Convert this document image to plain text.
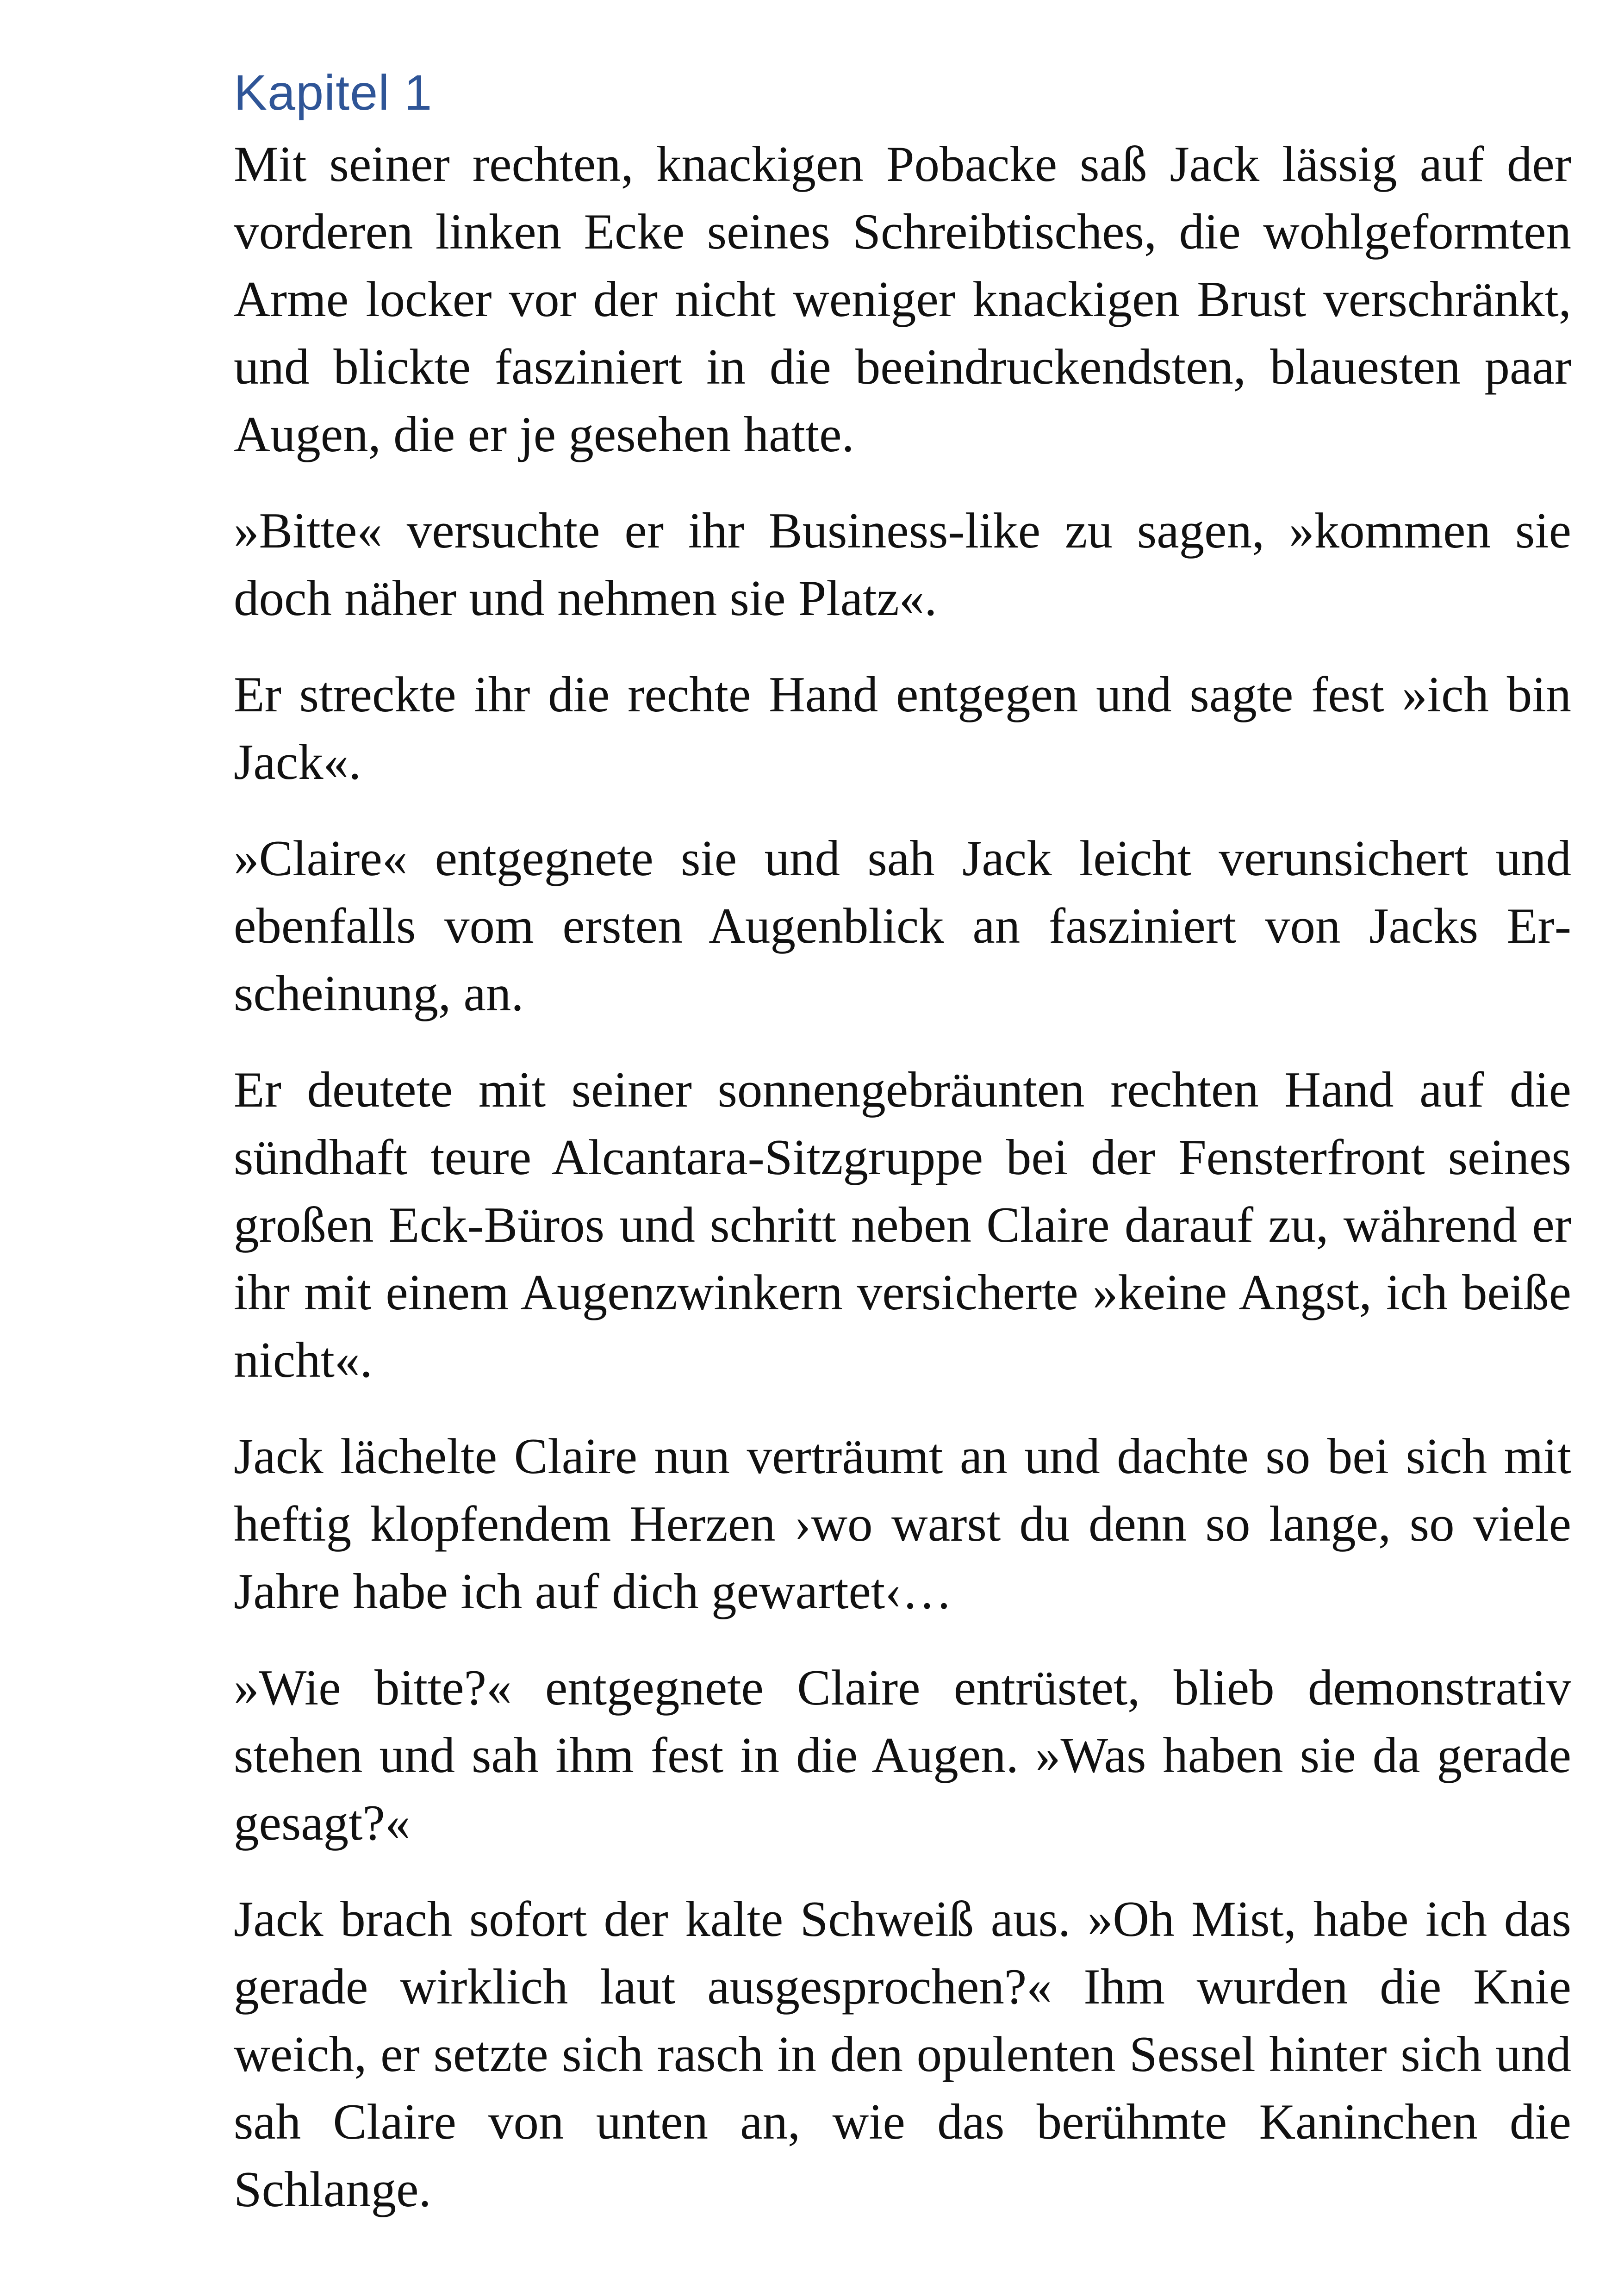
Kapitel 1

Mit seiner rechten, knackigen Pobacke saß Jack lässig auf der vorderen linken Ecke seines Schreibtisches, die wohlgeformten Arme locker vor der nicht weniger knackigen Brust verschränkt, und blickte fasziniert in die beeindruckendsten, blauesten paar Augen, die er je gesehen hatte.

»Bitte« versuchte er ihr Business-like zu sagen, »kommen sie doch näher und nehmen sie Platz«.

Er streckte ihr die rechte Hand entgegen und sagte fest »ich bin Jack«.

»Claire« entgegnete sie und sah Jack leicht verunsichert und ebenfalls vom ersten Augenblick an fasziniert von Jacks Erscheinung, an.

Er deutete mit seiner sonnengebräunten rechten Hand auf die sündhaft teure Alcantara-Sitzgruppe bei der Fensterfront seines großen Eck-Büros und schritt neben Claire darauf zu, während er ihr mit einem Augenzwinkern versicherte »keine Angst, ich beiße nicht«.

Jack lächelte Claire nun verträumt an und dachte so bei sich mit heftig klopfendem Herzen ›wo warst du denn so lange, so viele Jahre habe ich auf dich gewartet‹…

»Wie bitte?« entgegnete Claire entrüstet, blieb demonstrativ stehen und sah ihm fest in die Augen. »Was haben sie da gerade gesagt?«

Jack brach sofort der kalte Schweiß aus. »Oh Mist, habe ich das gerade wirklich laut ausgesprochen?« Ihm wurden die Knie weich, er setzte sich rasch in den opulenten Sessel hinter sich und sah Claire von unten an, wie das berühmte Kaninchen die Schlange.
